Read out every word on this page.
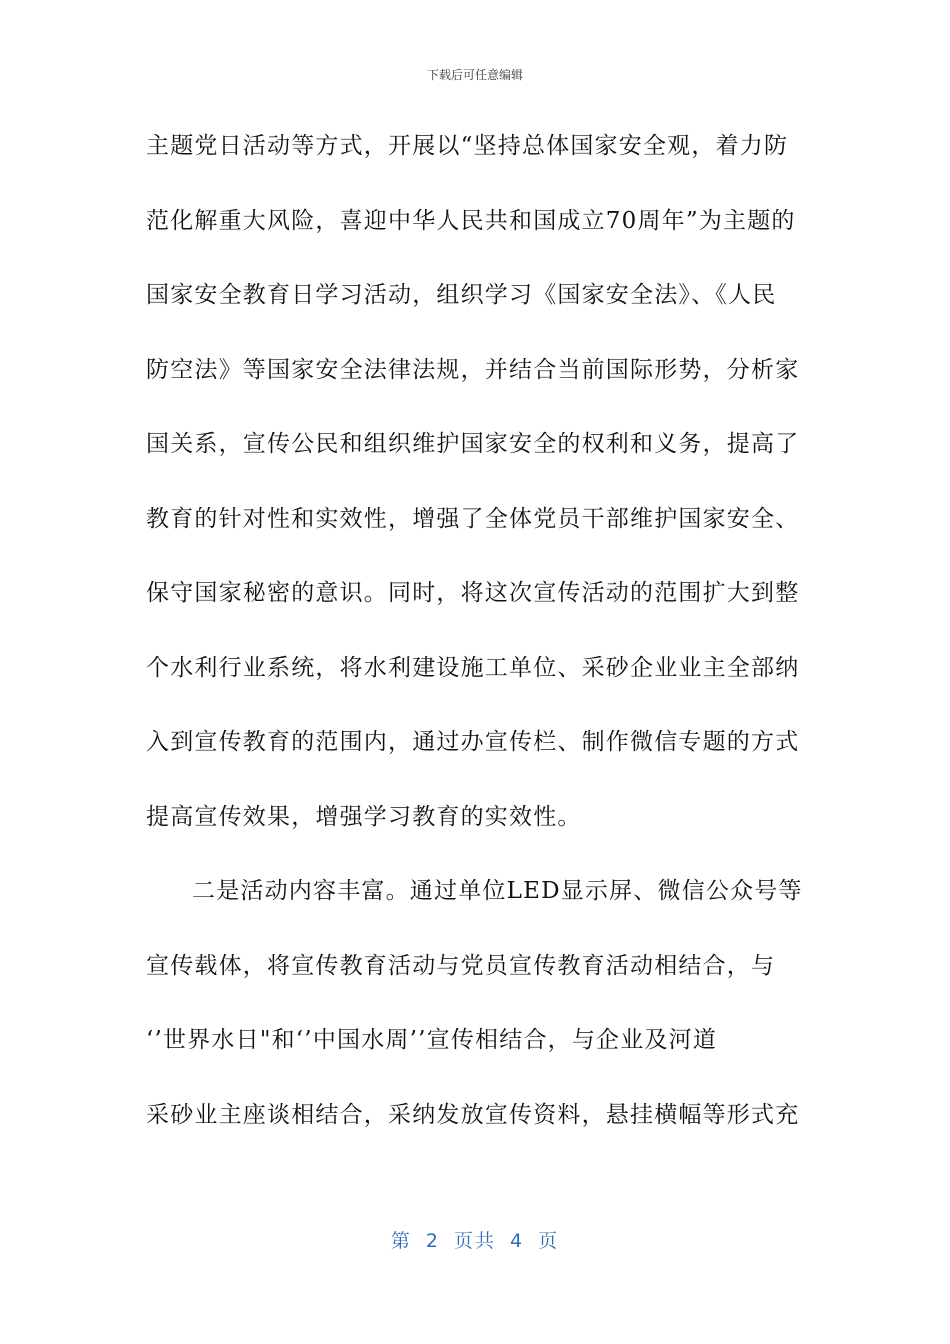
下载后可任意编辑
主题党日活动等方式，开展以“坚持总体国家安全观，着力防
范化解重大风险，喜迎中华人民共和国成立70周年”为主题的
国家安全教育日学习活动，组织学习《国家安全法》、《人民
防空法》等国家安全法律法规，并结合当前国际形势，分析家
国关系，宣传公民和组织维护国家安全的权利和义务，提高了
教育的针对性和实效性，增强了全体党员干部维护国家安全、
保守国家秘密的意识。同时，将这次宣传活动的范围扩大到整
个水利行业系统，将水利建设施工单位、采砂企业业主全部纳
入到宣传教育的范围内，通过办宣传栏、制作微信专题的方式
提高宣传效果，增强学习教育的实效性。
二是活动内容丰富。通过单位LED显示屏、微信公众号等
宣传载体，将宣传教育活动与党员宣传教育活动相结合，与
‘’世界水日"和‘’中国水周’’宣传相结合，与企业及河道
采砂业主座谈相结合，采纳发放宣传资料，悬挂横幅等形式充
第 2 页共 4 页
